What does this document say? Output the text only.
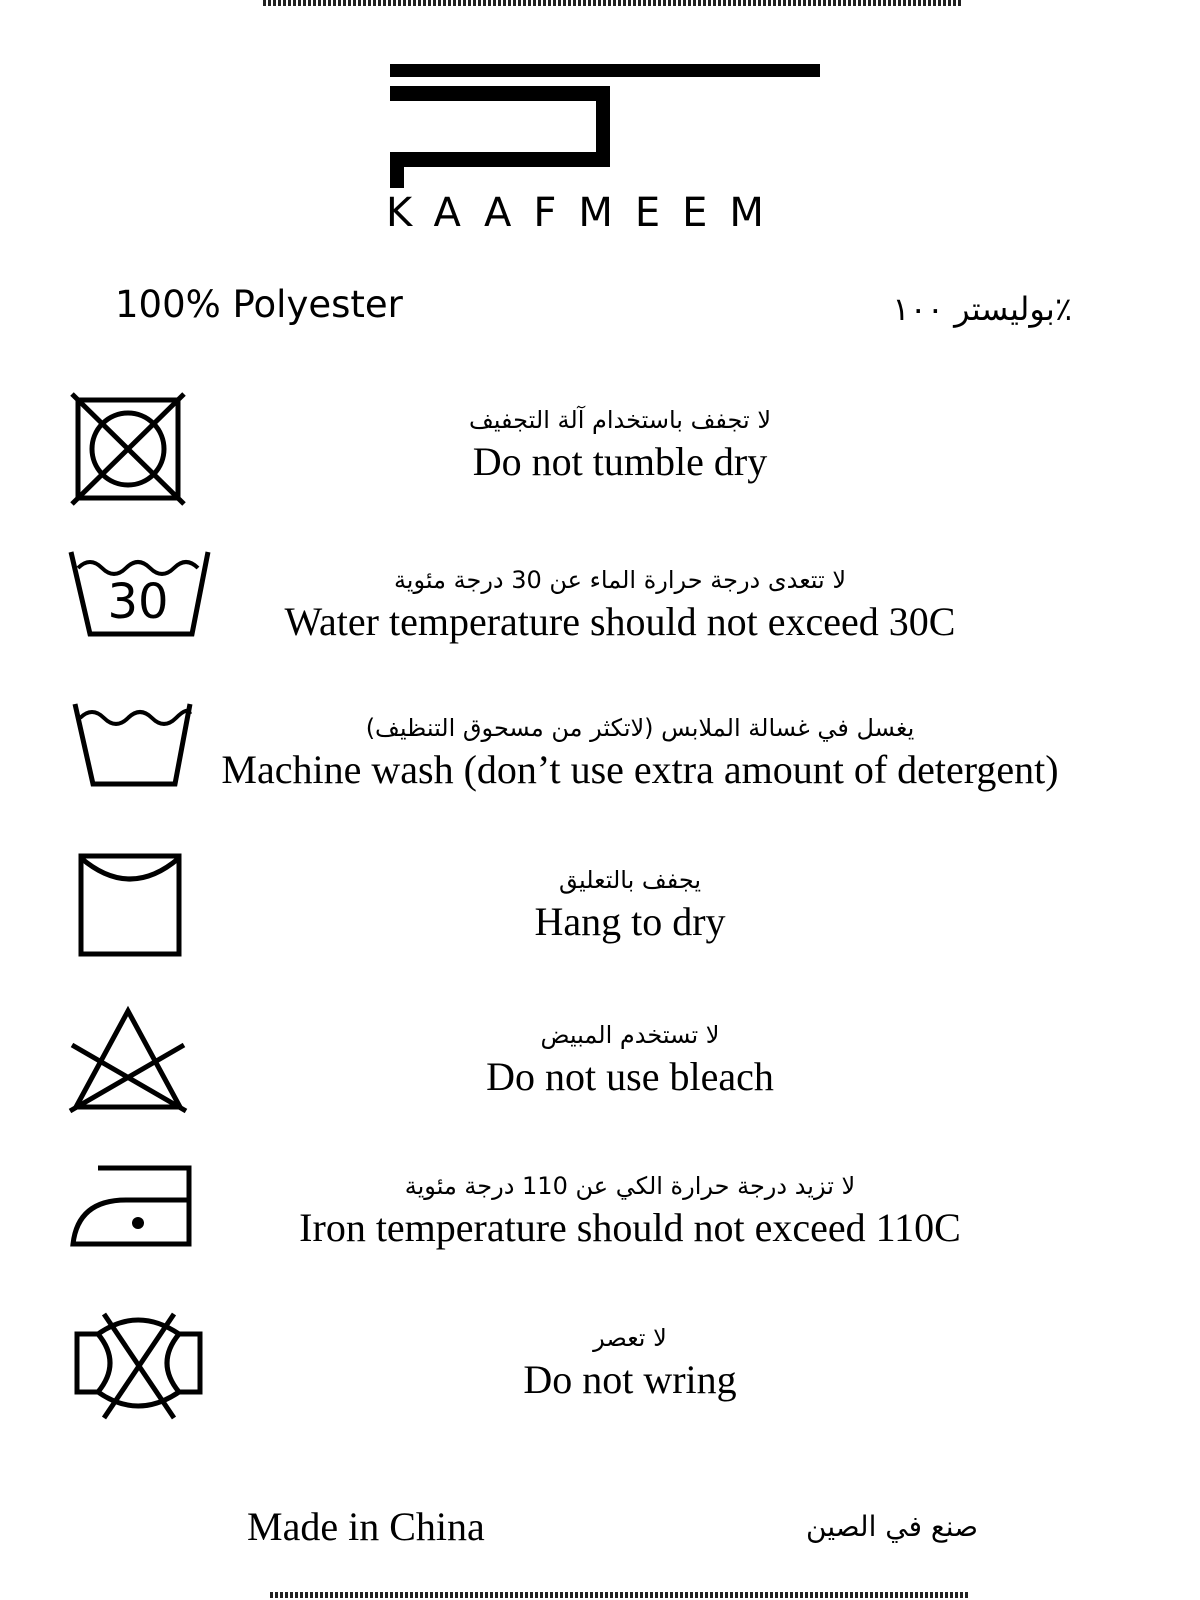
KAAFMEEM
100% Polyester	٪بوليستر ١٠٠
لا تجفف باستخدام آلة التجفيف
Do not tumble dry
30	لا تتعدى درجة حرارة الماء عن 30 درجة مئوية
Water temperature should not exceed 30C
يغسل في غسالة الملابس (لاتكثر من مسحوق التنظيف)
Machine wash (don’t use extra amount of detergent)
يجفف بالتعليق
Hang to dry
لا تستخدم المبيض
Do not use bleach
لا تزيد درجة حرارة الكي عن 110 درجة مئوية
Iron temperature should not exceed 110C
لا تعصر
Do not wring
Made in China	صنع في الصين
